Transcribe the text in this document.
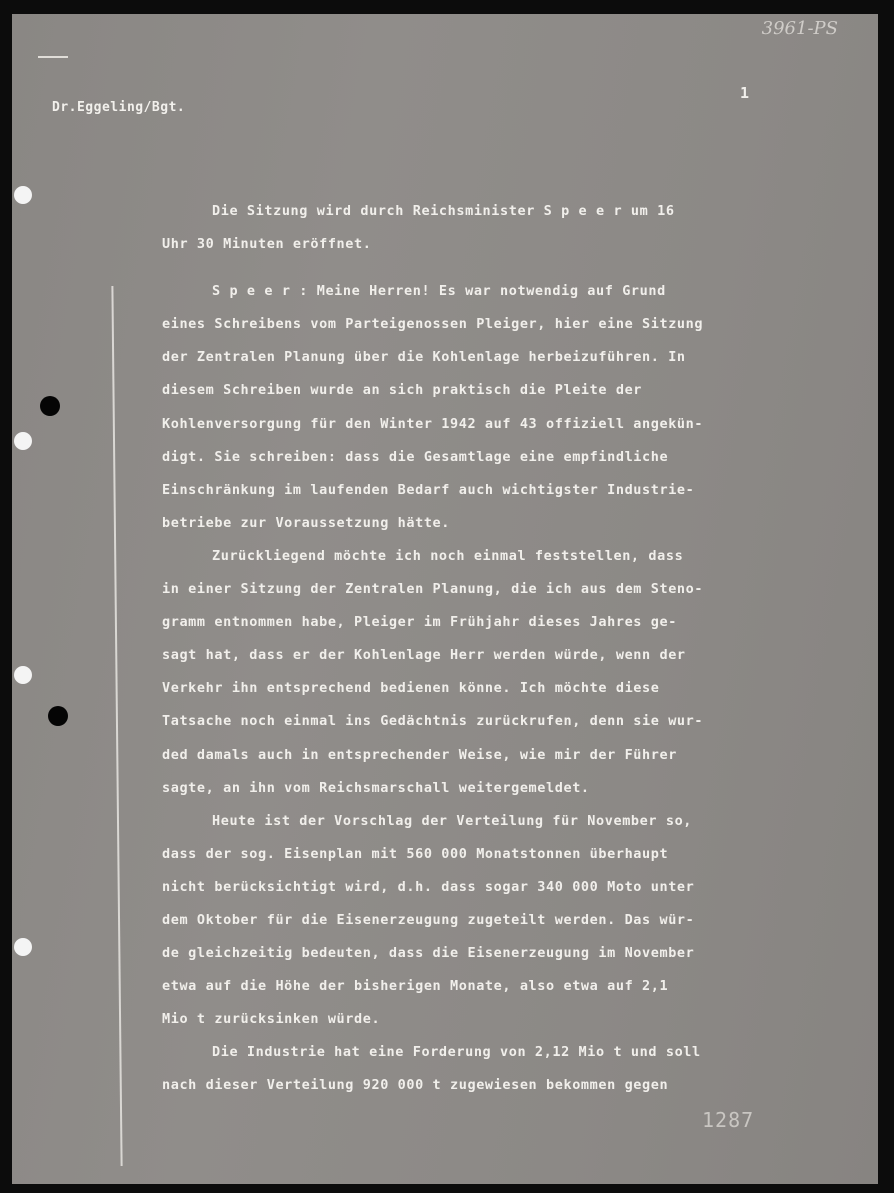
3961-PS
Dr.Eggeling/Bgt.
1
Die Sitzung wird durch Reichsminister S p e e r um 16
Uhr 30 Minuten eröffnet.
S p e e r : Meine Herren! Es war notwendig auf Grund
eines Schreibens vom Parteigenossen Pleiger, hier eine Sitzung
der Zentralen Planung über die Kohlenlage herbeizuführen. In
diesem Schreiben wurde an sich praktisch die Pleite der
Kohlenversorgung für den Winter 1942 auf 43 offiziell angekün-
digt. Sie schreiben: dass die Gesamtlage eine empfindliche
Einschränkung im laufenden Bedarf auch wichtigster Industrie-
betriebe zur Voraussetzung hätte.
Zurückliegend möchte ich noch einmal feststellen, dass
in einer Sitzung der Zentralen Planung, die ich aus dem Steno-
gramm entnommen habe, Pleiger im Frühjahr dieses Jahres ge-
sagt hat, dass er der Kohlenlage Herr werden würde, wenn der
Verkehr ihn entsprechend bedienen könne. Ich möchte diese
Tatsache noch einmal ins Gedächtnis zurückrufen, denn sie wur-
ded damals auch in entsprechender Weise, wie mir der Führer
sagte, an ihn vom Reichsmarschall weitergemeldet.
Heute ist der Vorschlag der Verteilung für November so,
dass der sog. Eisenplan mit 560 000 Monatstonnen überhaupt
nicht berücksichtigt wird, d.h. dass sogar 340 000 Moto unter
dem Oktober für die Eisenerzeugung zugeteilt werden. Das wür-
de gleichzeitig bedeuten, dass die Eisenerzeugung im November
etwa auf die Höhe der bisherigen Monate, also etwa auf 2,1
Mio t zurücksinken würde.
Die Industrie hat eine Forderung von 2,12 Mio t und soll
nach dieser Verteilung 920 000 t zugewiesen bekommen gegen
1287
